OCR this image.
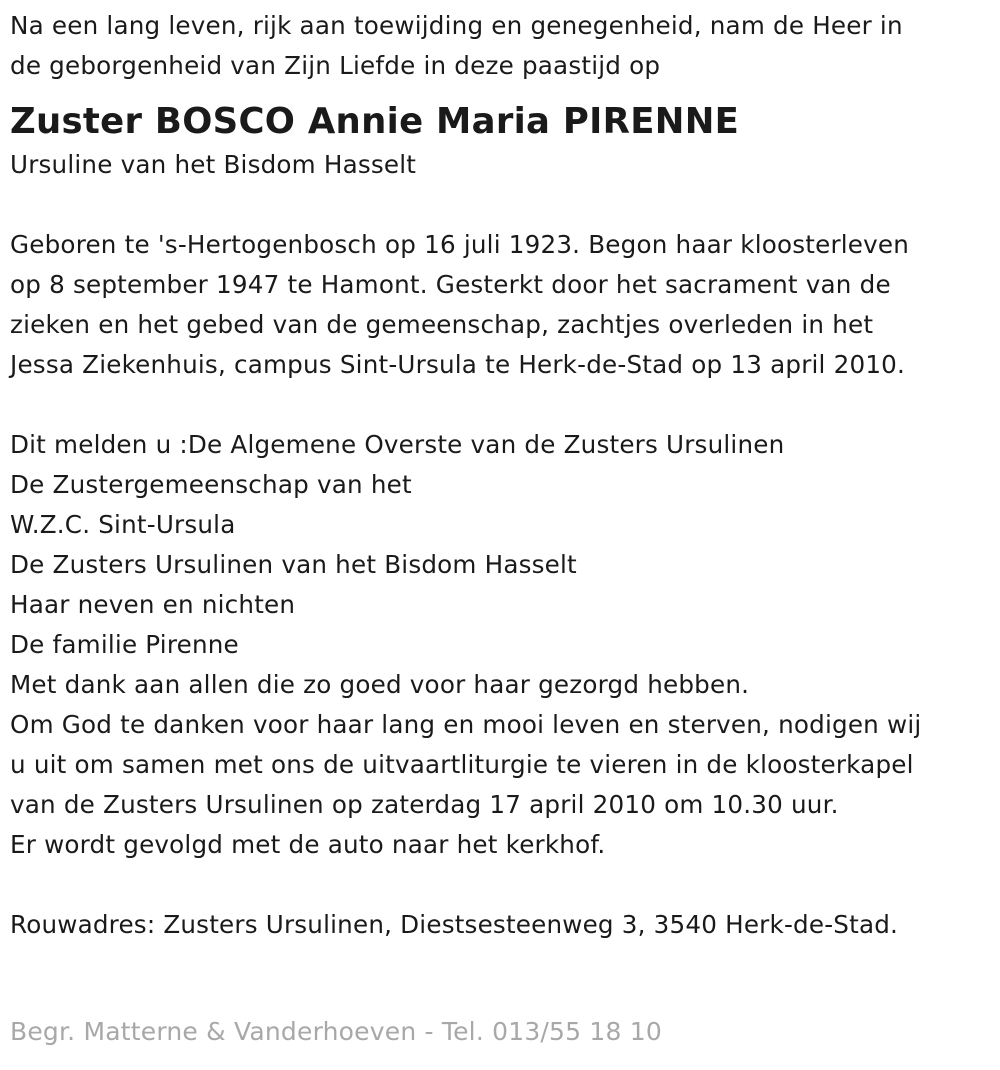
Na een lang leven, rijk aan toewijding en genegenheid, nam de Heer in
de geborgenheid van Zijn Liefde in deze paastijd op
Zuster BOSCO Annie Maria PIRENNE
Ursuline van het Bisdom Hasselt
Geboren te 's-Hertogenbosch op 16 juli 1923. Begon haar kloosterleven
op 8 september 1947 te Hamont. Gesterkt door het sacrament van de
zieken en het gebed van de gemeenschap, zachtjes overleden in het
Jessa Ziekenhuis, campus Sint-Ursula te Herk-de-Stad op 13 april 2010.
Dit melden u :De Algemene Overste van de Zusters Ursulinen
De Zustergemeenschap van het
W.Z.C. Sint-Ursula
De Zusters Ursulinen van het Bisdom Hasselt
Haar neven en nichten
De familie Pirenne
Met dank aan allen die zo goed voor haar gezorgd hebben.
Om God te danken voor haar lang en mooi leven en sterven, nodigen wij
u uit om samen met ons de uitvaartliturgie te vieren in de kloosterkapel
van de Zusters Ursulinen op zaterdag 17 april 2010 om 10.30 uur.
Er wordt gevolgd met de auto naar het kerkhof.
Rouwadres: Zusters Ursulinen, Diestsesteenweg 3, 3540 Herk-de-Stad.
Begr. Matterne & Vanderhoeven - Tel. 013/55 18 10
